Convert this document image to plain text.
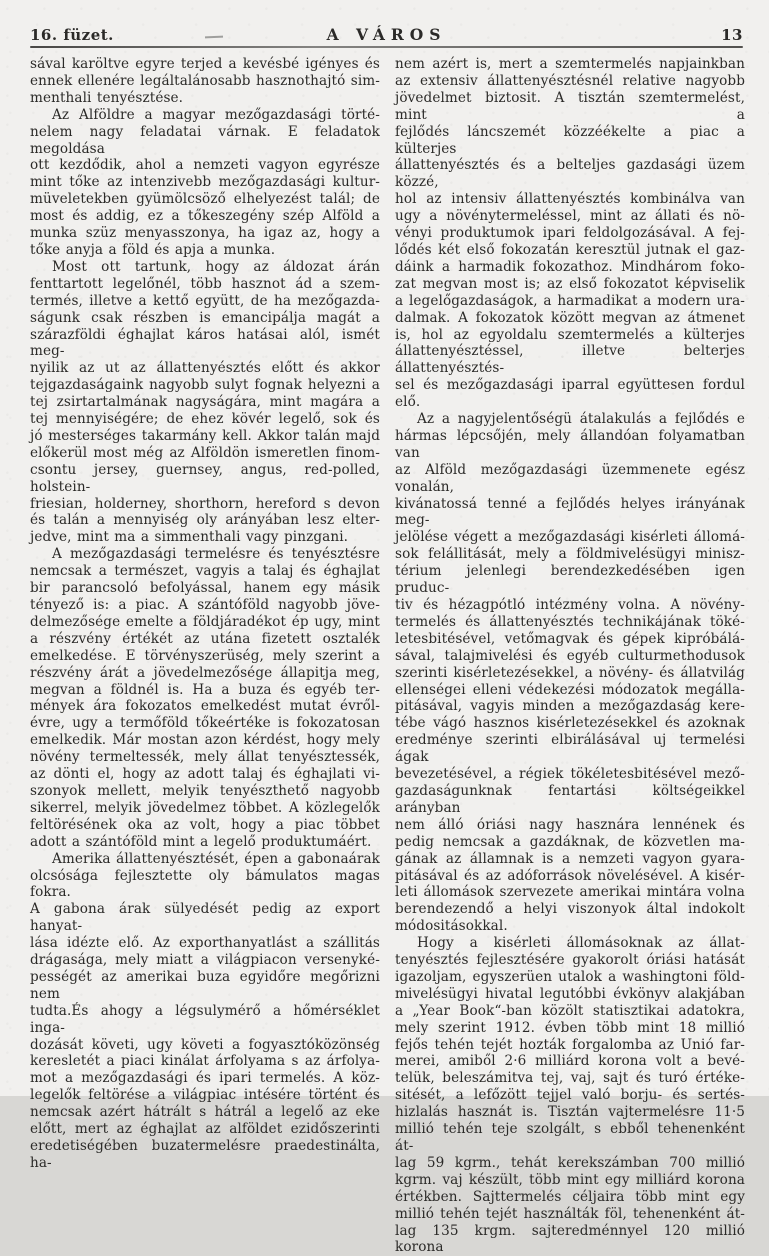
16. füzet.	A VÁROS	13
sával karöltve egyre terjed a kevésbé igényes és
ennek ellenére legáltalánosabb hasznothajtó sim-
menthali tenyésztése.
Az Alföldre a magyar mezőgazdasági törté-
nelem nagy feladatai várnak. E feladatok megoldása
ott kezdődik, ahol a nemzeti vagyon egyrésze
mint tőke az intenzivebb mezőgazdasági kultur-
müveletekben gyümölcsöző elhelyezést talál; de
most és addig, ez a tőkeszegény szép Alföld a
munka szüz menyasszonya, ha igaz az, hogy a
tőke anyja a föld és apja a munka.
Most ott tartunk, hogy az áldozat árán
fenttartott legelőnél, több hasznot ád a szem-
termés, illetve a kettő együtt, de ha mezőgazda-
ságunk csak részben is emancipálja magát a
szárazföldi éghajlat káros hatásai alól, ismét meg-
nyilik az ut az állattenyésztés előtt és akkor
tejgazdaságaink nagyobb sulyt fognak helyezni a
tej zsirtartalmának nagyságára, mint magára a
tej mennyiségére; de ehez kövér legelő, sok és
jó mesterséges takarmány kell. Akkor talán majd
előkerül most még az Alföldön ismeretlen finom-
csontu jersey, guernsey, angus, red-polled, holstein-
friesian, holderney, shorthorn, hereford s devon
és talán a mennyiség oly arányában lesz elter-
jedve, mint ma a simmenthali vagy pinzgani.
A mezőgazdasági termelésre és tenyésztésre
nemcsak a természet, vagyis a talaj és éghajlat
bir parancsoló befolyással, hanem egy másik
tényező is: a piac. A szántóföld nagyobb jöve-
delmezősége emelte a földjáradékot ép ugy, mint
a részvény értékét az utána fizetett osztalék
emelkedése. E törvényszerüség, mely szerint a
részvény árát a jövedelmezősége állapitja meg,
megvan a földnél is. Ha a buza és egyéb ter-
mények ára fokozatos emelkedést mutat évről-
évre, ugy a termőföld tőkeértéke is fokozatosan
emelkedik. Már mostan azon kérdést, hogy mely
növény termeltessék, mely állat tenyésztessék,
az dönti el, hogy az adott talaj és éghajlati vi-
szonyok mellett, melyik tenyészthető nagyobb
sikerrel, melyik jövedelmez többet. A közlegelők
feltörésének oka az volt, hogy a piac többet
adott a szántóföld mint a legelő produktumáért.
Amerika állattenyésztését, épen a gabonaárak
olcsósága fejlesztette oly bámulatos magas fokra.
A gabona árak sülyedését pedig az export hanyat-
lása idézte elő. Az exporthanyatlást a szállitás
drágasága, mely miatt a világpiacon versenyké-
pességét az amerikai buza egyidőre megőrizni nem
tudta.És ahogy a légsulymérő a hőmérséklet inga-
dozását követi, ugy követi a fogyasztóközönség
keresletét a piaci kinálat árfolyama s az árfolya-
mot a mezőgazdasági és ipari termelés. A köz-
legelők feltörése a világpiac intésére történt és
nemcsak azért hátrált s hátrál a legelő az eke
előtt, mert az éghajlat az alföldet ezidőszerinti
eredetiségében buzatermelésre praedestinálta, ha-
nem azért is, mert a szemtermelés napjainkban
az extensiv állattenyésztésnél relative nagyobb
jövedelmet biztosit. A tisztán szemtermelést, mint a
fejlődés láncszemét közzéékelte a piac a külterjes
állattenyésztés és a belteljes gazdasági üzem közzé,
hol az intensiv állattenyésztés kombinálva van
ugy a növénytermeléssel, mint az állati és nö-
vényi produktumok ipari feldolgozásával. A fej-
lődés két első fokozatán keresztül jutnak el gaz-
dáink a harmadik fokozathoz. Mindhárom foko-
zat megvan most is; az első fokozatot képviselik
a legelőgazdaságok, a harmadikat a modern ura-
dalmak. A fokozatok között megvan az átmenet
is, hol az egyoldalu szemtermelés a külterjes
állattenyésztéssel, illetve belterjes állattenyésztés-
sel és mezőgazdasági iparral együttesen fordul elő.
Az a nagyjelentőségü átalakulás a fejlődés e
hármas lépcsőjén, mely állandóan folyamatban van
az Alföld mezőgazdasági üzemmenete egész vonalán,
kivánatossá tenné a fejlődés helyes irányának meg-
jelölése végett a mezőgazdasági kisérleti állomá-
sok felállitását, mely a földmivelésügyi minisz-
térium jelenlegi berendezkedésében igen pruduc-
tiv és hézagpótló intézmény volna. A növény-
termelés és állattenyésztés technikájának töké-
letesbitésével, vetőmagvak és gépek kipróbálá-
sával, talajmivelési és egyéb culturmethodusok
szerinti kisérletezésekkel, a növény- és állatvilág
ellenségei elleni védekezési módozatok megálla-
pitásával, vagyis minden a mezőgazdaság kere-
tébe vágó hasznos kisérletezésekkel és azoknak
eredménye szerinti elbirálásával uj termelési ágak
bevezetésével, a régiek tökéletesbitésével mező-
gazdaságunknak fentartási költségeikkel arányban
nem álló óriási nagy hasznára lennének és
pedig nemcsak a gazdáknak, de közvetlen ma-
gának az államnak is a nemzeti vagyon gyara-
pitásával és az adóforrások növelésével. A kisér-
leti állomások szervezete amerikai mintára volna
berendezendő a helyi viszonyok által indokolt
módositásokkal.
Hogy a kisérleti állomásoknak az állat-
tenyésztés fejlesztésére gyakorolt óriási hatását
igazoljam, egyszerüen utalok a washingtoni föld-
mivelésügyi hivatal legutóbbi évkönyv alakjában
a „Year Book“-ban közölt statisztikai adatokra,
mely szerint 1912. évben több mint 18 millió
fejős tehén tejét hozták forgalomba az Unió far-
merei, amiből 2·6 milliárd korona volt a bevé-
telük, beleszámitva tej, vaj, sajt és turó értéke-
sitését, a lefőzött tejjel való borju- és sertés-
hizlalás hasznát is. Tisztán vajtermelésre 11·5
millió tehén teje szolgált, s ebből tehenenként át-
lag 59 kgrm., tehát kerekszámban 700 millió
kgrm. vaj készült, több mint egy milliárd korona
értékben. Sajttermelés céljaira több mint egy
millió tehén tejét használták föl, tehenenként át-
lag 135 krgm. sajteredménnyel 120 millió korona
